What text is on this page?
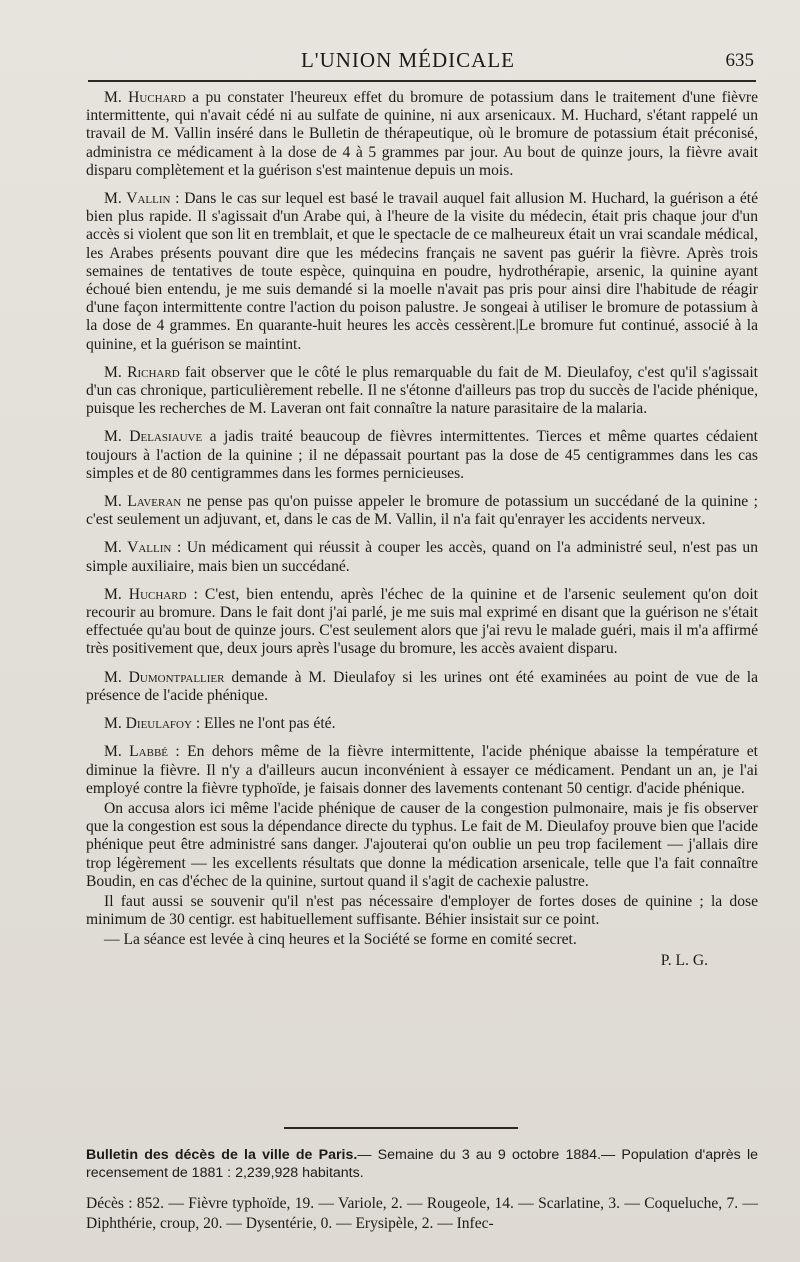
L'UNION MÉDICALE	635

M. Huchard a pu constater l'heureux effet du bromure de potassium dans le traitement d'une fièvre intermittente, qui n'avait cédé ni au sulfate de quinine, ni aux arsenicaux. M. Huchard, s'étant rappelé un travail de M. Vallin inséré dans le Bulletin de thérapeutique, où le bromure de potassium était préconisé, administra ce médicament à la dose de 4 à 5 grammes par jour. Au bout de quinze jours, la fièvre avait disparu complètement et la guérison s'est maintenue depuis un mois.

M. Vallin : Dans le cas sur lequel est basé le travail auquel fait allusion M. Huchard, la guérison a été bien plus rapide. Il s'agissait d'un Arabe qui, à l'heure de la visite du médecin, était pris chaque jour d'un accès si violent que son lit en tremblait, et que le spectacle de ce malheureux était un vrai scandale médical, les Arabes présents pouvant dire que les médecins français ne savent pas guérir la fièvre. Après trois semaines de tentatives de toute espèce, quinquina en poudre, hydrothérapie, arsenic, la quinine ayant échoué bien entendu, je me suis demandé si la moelle n'avait pas pris pour ainsi dire l'habitude de réagir d'une façon intermittente contre l'action du poison palustre. Je songeai à utiliser le bromure de potassium à la dose de 4 grammes. En quarante-huit heures les accès cessèrent.|Le bromure fut continué, associé à la quinine, et la guérison se maintint.

M. Richard fait observer que le côté le plus remarquable du fait de M. Dieulafoy, c'est qu'il s'agissait d'un cas chronique, particulièrement rebelle. Il ne s'étonne d'ailleurs pas trop du succès de l'acide phénique, puisque les recherches de M. Laveran ont fait connaître la nature parasitaire de la malaria.

M. Delasiauve a jadis traité beaucoup de fièvres intermittentes. Tierces et même quartes cédaient toujours à l'action de la quinine ; il ne dépassait pourtant pas la dose de 45 centigrammes dans les cas simples et de 80 centigrammes dans les formes pernicieuses.

M. Laveran ne pense pas qu'on puisse appeler le bromure de potassium un succédané de la quinine ; c'est seulement un adjuvant, et, dans le cas de M. Vallin, il n'a fait qu'enrayer les accidents nerveux.

M. Vallin : Un médicament qui réussit à couper les accès, quand on l'a administré seul, n'est pas un simple auxiliaire, mais bien un succédané.

M. Huchard : C'est, bien entendu, après l'échec de la quinine et de l'arsenic seulement qu'on doit recourir au bromure. Dans le fait dont j'ai parlé, je me suis mal exprimé en disant que la guérison ne s'était effectuée qu'au bout de quinze jours. C'est seulement alors que j'ai revu le malade guéri, mais il m'a affirmé très positivement que, deux jours après l'usage du bromure, les accès avaient disparu.

M. Dumontpallier demande à M. Dieulafoy si les urines ont été examinées au point de vue de la présence de l'acide phénique.

M. Dieulafoy : Elles ne l'ont pas été.

M. Labbé : En dehors même de la fièvre intermittente, l'acide phénique abaisse la température et diminue la fièvre. Il n'y a d'ailleurs aucun inconvénient à essayer ce médicament. Pendant un an, je l'ai employé contre la fièvre typhoïde, je faisais donner des lavements contenant 50 centigr. d'acide phénique.

On accusa alors ici même l'acide phénique de causer de la congestion pulmonaire, mais je fis observer que la congestion est sous la dépendance directe du typhus. Le fait de M. Dieulafoy prouve bien que l'acide phénique peut être administré sans danger. J'ajouterai qu'on oublie un peu trop facilement — j'allais dire trop légèrement — les excellents résultats que donne la médication arsenicale, telle que l'a fait connaître Boudin, en cas d'échec de la quinine, surtout quand il s'agit de cachexie palustre.

Il faut aussi se souvenir qu'il n'est pas nécessaire d'employer de fortes doses de quinine ; la dose minimum de 30 centigr. est habituellement suffisante. Béhier insistait sur ce point.

— La séance est levée à cinq heures et la Société se forme en comité secret.

P. L. G.

Bulletin des décès de la ville de Paris.— Semaine du 3 au 9 octobre 1884.— Population d'après le recensement de 1881 : 2,239,928 habitants.
Décès : 852. — Fièvre typhoïde, 19. — Variole, 2. — Rougeole, 14. — Scarlatine, 3. — Coqueluche, 7. — Diphthérie, croup, 20. — Dysentérie, 0. — Erysipèle, 2. — Infec-
